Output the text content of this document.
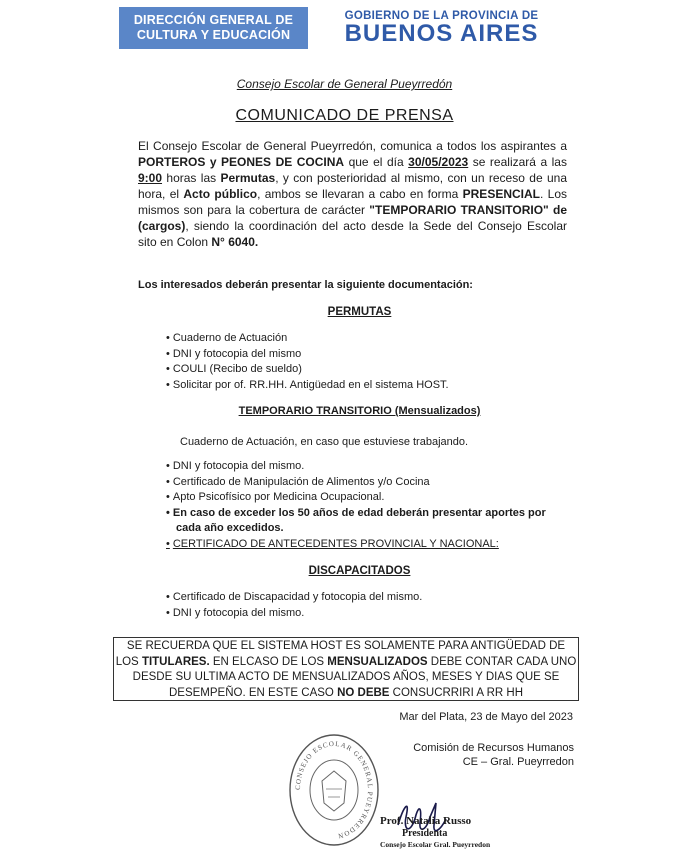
DIRECCIÓN GENERAL DE
CULTURA Y EDUCACIÓN
GOBIERNO DE LA PROVINCIA DE
BUENOS AIRES
Consejo Escolar de General Pueyrredón
COMUNICADO DE PRENSA
El Consejo Escolar de General Pueyrredón, comunica a todos los aspirantes a PORTEROS y PEONES DE COCINA que el día 30/05/2023 se realizará a las 9:00 horas las Permutas, y con posterioridad al mismo, con un receso de una hora, el Acto público, ambos se llevaran a cabo en forma PRESENCIAL. Los mismos son para la cobertura de carácter "TEMPORARIO TRANSITORIO" de (cargos), siendo la coordinación del acto desde la Sede del Consejo Escolar sito en Colon N° 6040.
Los interesados deberán presentar la siguiente documentación:
PERMUTAS
• Cuaderno de Actuación
• DNI y fotocopia del mismo
• COULI (Recibo de sueldo)
• Solicitar por of. RR.HH. Antigüedad en el sistema HOST.
TEMPORARIO TRANSITORIO (Mensualizados)
Cuaderno de Actuación, en caso que estuviese trabajando.
• DNI y fotocopia del mismo.
• Certificado de Manipulación de Alimentos y/o Cocina
• Apto Psicofísico por Medicina Ocupacional.
• En caso de exceder los 50 años de edad deberán presentar aportes por
cada año excedidos.
• CERTIFICADO DE ANTECEDENTES PROVINCIAL Y NACIONAL:
DISCAPACITADOS
• Certificado de Discapacidad y fotocopia del mismo.
• DNI y fotocopia del mismo.
SE RECUERDA QUE EL SISTEMA HOST ES SOLAMENTE PARA ANTIGÜEDAD DE LOS TITULARES. EN ELCASO DE LOS MENSUALIZADOS DEBE CONTAR CADA UNO DESDE SU ULTIMA ACTO DE MENSUALIZADOS AÑOS, MESES Y DIAS QUE SE DESEMPEÑO. EN ESTE CASO NO DEBE CONSUCRRIRI A RR HH
Mar del Plata, 23 de Mayo del 2023
Comisión de Recursos Humanos
CE – Gral. Pueyrredon
CONSEJO ESCOLAR GENERAL PUEYRREDON
Prof. Natalia Russo
Presidenta
Consejo Escolar Gral. Pueyrredon
